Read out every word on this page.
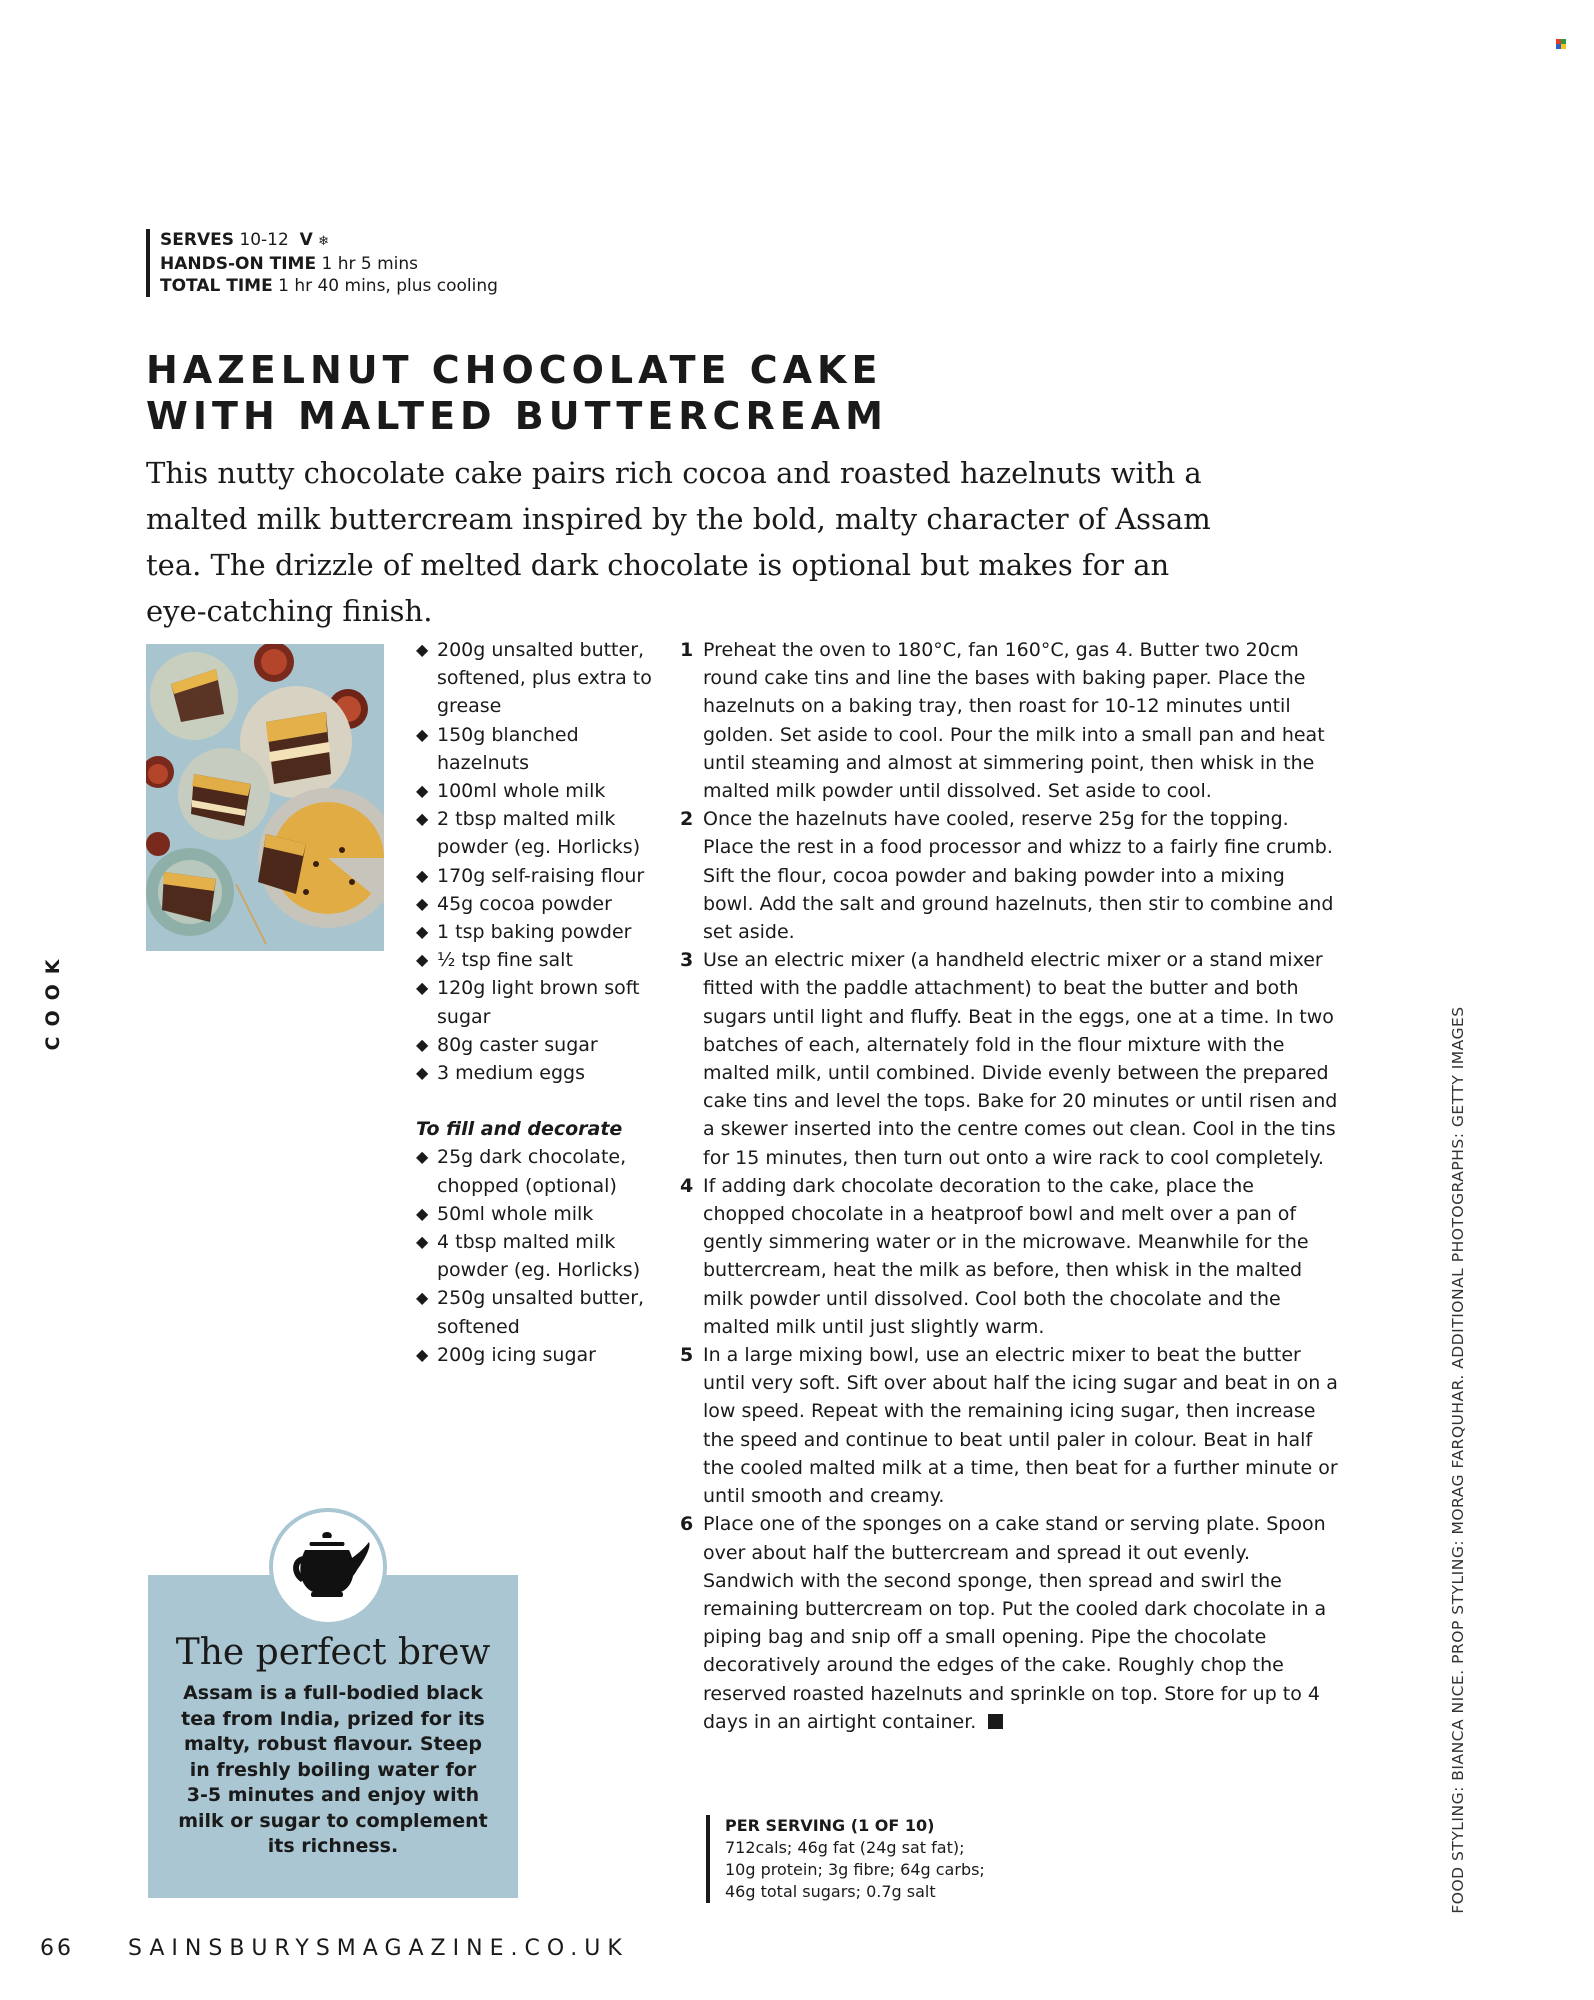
SERVES 10-12 V ❄
HANDS-ON TIME 1 hr 5 mins
TOTAL TIME 1 hr 40 mins, plus cooling
HAZELNUT CHOCOLATE CAKE
WITH MALTED BUTTERCREAM
This nutty chocolate cake pairs rich cocoa and roasted hazelnuts with a malted milk buttercream inspired by the bold, malty character of Assam tea. The drizzle of melted dark chocolate is optional but makes for an eye-catching finish.
◆ 200g unsalted butter, softened, plus extra to grease
◆ 150g blanched hazelnuts
◆ 100ml whole milk
◆ 2 tbsp malted milk powder (eg. Horlicks)
◆ 170g self-raising flour
◆ 45g cocoa powder
◆ 1 tsp baking powder
◆ ½ tsp fine salt
◆ 120g light brown soft sugar
◆ 80g caster sugar
◆ 3 medium eggs
To fill and decorate
◆ 25g dark chocolate, chopped (optional)
◆ 50ml whole milk
◆ 4 tbsp malted milk powder (eg. Horlicks)
◆ 250g unsalted butter, softened
◆ 200g icing sugar
1 Preheat the oven to 180°C, fan 160°C, gas 4. Butter two 20cm round cake tins and line the bases with baking paper. Place the hazelnuts on a baking tray, then roast for 10-12 minutes until golden. Set aside to cool. Pour the milk into a small pan and heat until steaming and almost at simmering point, then whisk in the malted milk powder until dissolved. Set aside to cool.
2 Once the hazelnuts have cooled, reserve 25g for the topping. Place the rest in a food processor and whizz to a fairly fine crumb. Sift the flour, cocoa powder and baking powder into a mixing bowl. Add the salt and ground hazelnuts, then stir to combine and set aside.
3 Use an electric mixer (a handheld electric mixer or a stand mixer fitted with the paddle attachment) to beat the butter and both sugars until light and fluffy. Beat in the eggs, one at a time. In two batches of each, alternately fold in the flour mixture with the malted milk, until combined. Divide evenly between the prepared cake tins and level the tops. Bake for 20 minutes or until risen and a skewer inserted into the centre comes out clean. Cool in the tins for 15 minutes, then turn out onto a wire rack to cool completely.
4 If adding dark chocolate decoration to the cake, place the chopped chocolate in a heatproof bowl and melt over a pan of gently simmering water or in the microwave. Meanwhile for the buttercream, heat the milk as before, then whisk in the malted milk powder until dissolved. Cool both the chocolate and the malted milk until just slightly warm.
5 In a large mixing bowl, use an electric mixer to beat the butter until very soft. Sift over about half the icing sugar and beat in on a low speed. Repeat with the remaining icing sugar, then increase the speed and continue to beat until paler in colour. Beat in half the cooled malted milk at a time, then beat for a further minute or until smooth and creamy.
6 Place one of the sponges on a cake stand or serving plate. Spoon over about half the buttercream and spread it out evenly. Sandwich with the second sponge, then spread and swirl the remaining buttercream on top. Put the cooled dark chocolate in a piping bag and snip off a small opening. Pipe the chocolate decoratively around the edges of the cake. Roughly chop the reserved roasted hazelnuts and sprinkle on top. Store for up to 4 days in an airtight container.
The perfect brew
Assam is a full-bodied black tea from India, prized for its malty, robust flavour. Steep in freshly boiling water for 3-5 minutes and enjoy with milk or sugar to complement its richness.
PER SERVING (1 OF 10)
712cals; 46g fat (24g sat fat);
10g protein; 3g fibre; 64g carbs;
46g total sugars; 0.7g salt
COOK
FOOD STYLING: BIANCA NICE. PROP STYLING: MORAG FARQUHAR. ADDITIONAL PHOTOGRAPHS: GETTY IMAGES
66 SAINSBURYSMAGAZINE.CO.UK
